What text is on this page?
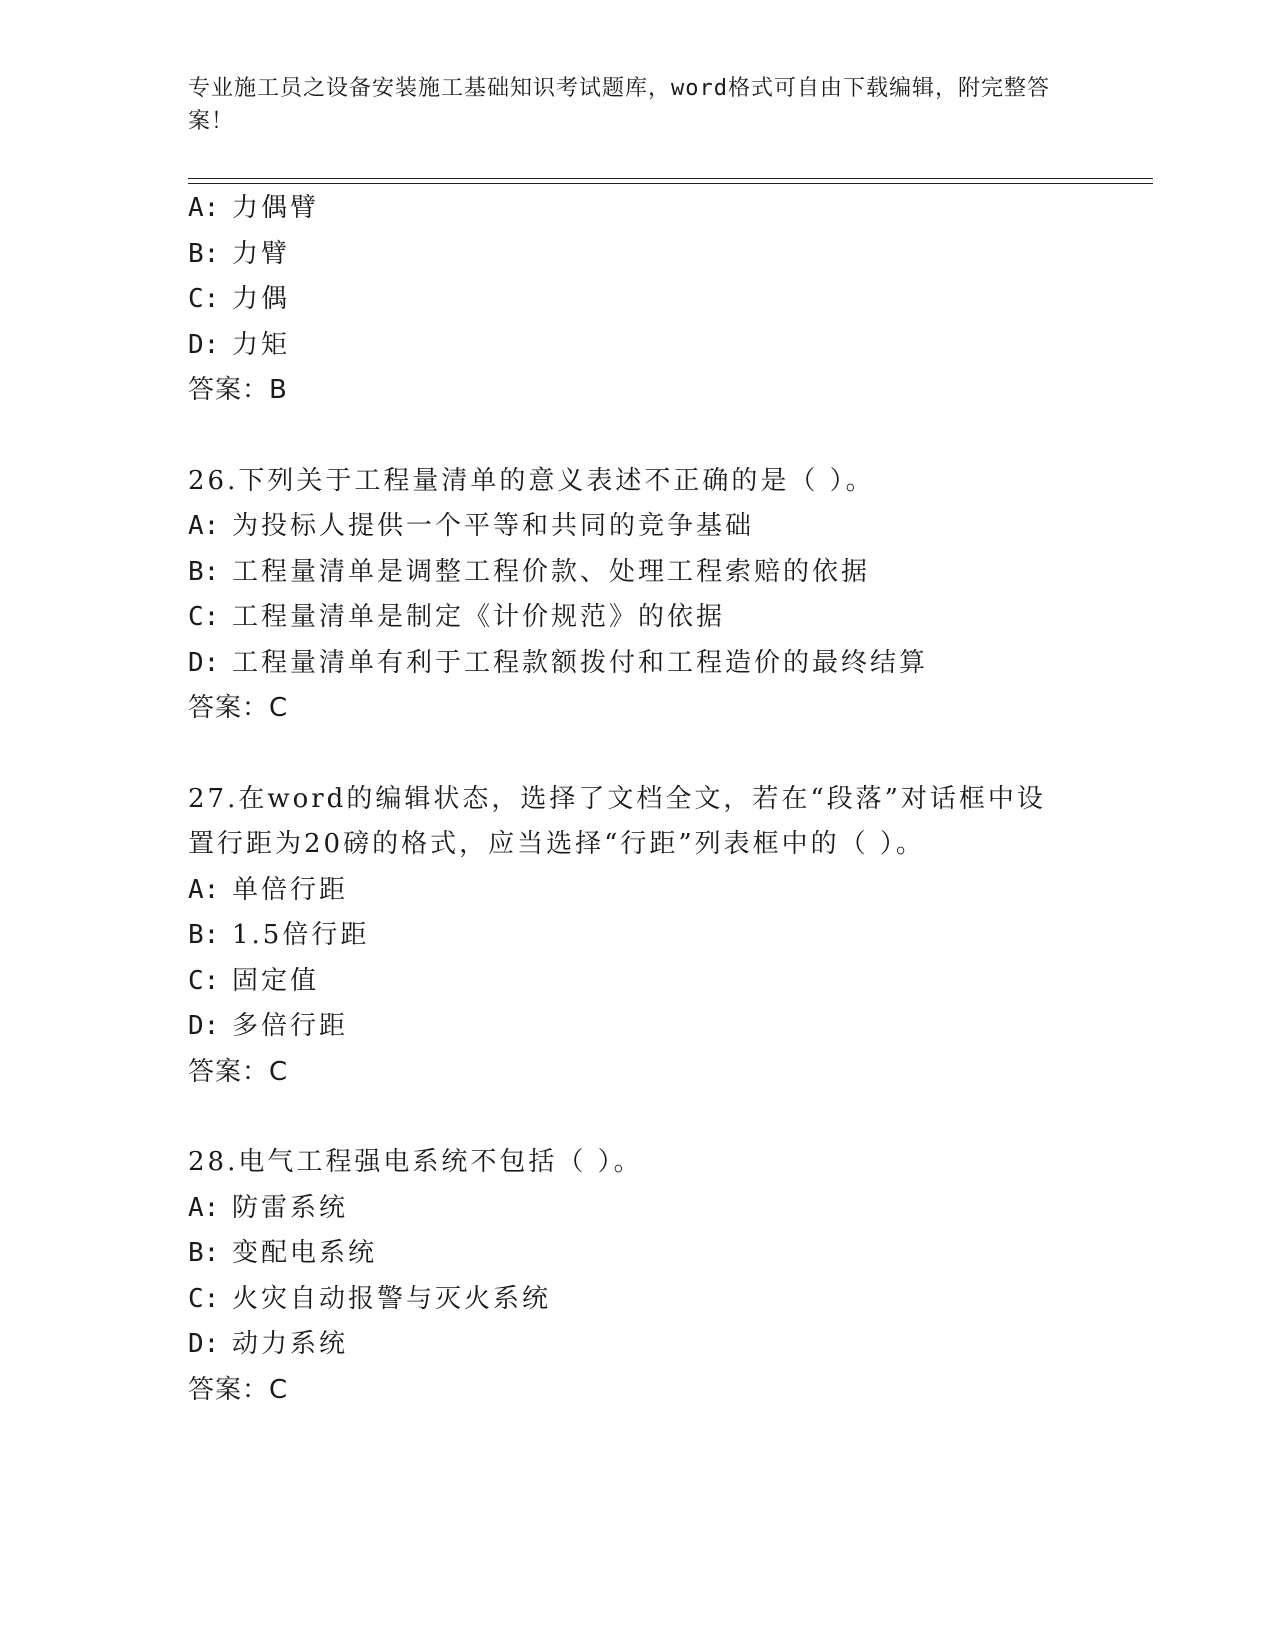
专业施工员之设备安装施工基础知识考试题库，word格式可自由下载编辑，附完整答案！
A: 力偶臂
B: 力臂
C: 力偶
D: 力矩
答案：B
26.下列关于工程量清单的意义表述不正确的是（ ）。
A: 为投标人提供一个平等和共同的竞争基础
B: 工程量清单是调整工程价款、处理工程索赔的依据
C: 工程量清单是制定《计价规范》的依据
D: 工程量清单有利于工程款额拨付和工程造价的最终结算
答案：C
27.在word的编辑状态，选择了文档全文，若在“段落”对话框中设置行距为20磅的格式，应当选择“行距”列表框中的（ ）。
A: 单倍行距
B: 1.5倍行距
C: 固定值
D: 多倍行距
答案：C
28.电气工程强电系统不包括（ ）。
A: 防雷系统
B: 变配电系统
C: 火灾自动报警与灭火系统
D: 动力系统
答案：C
